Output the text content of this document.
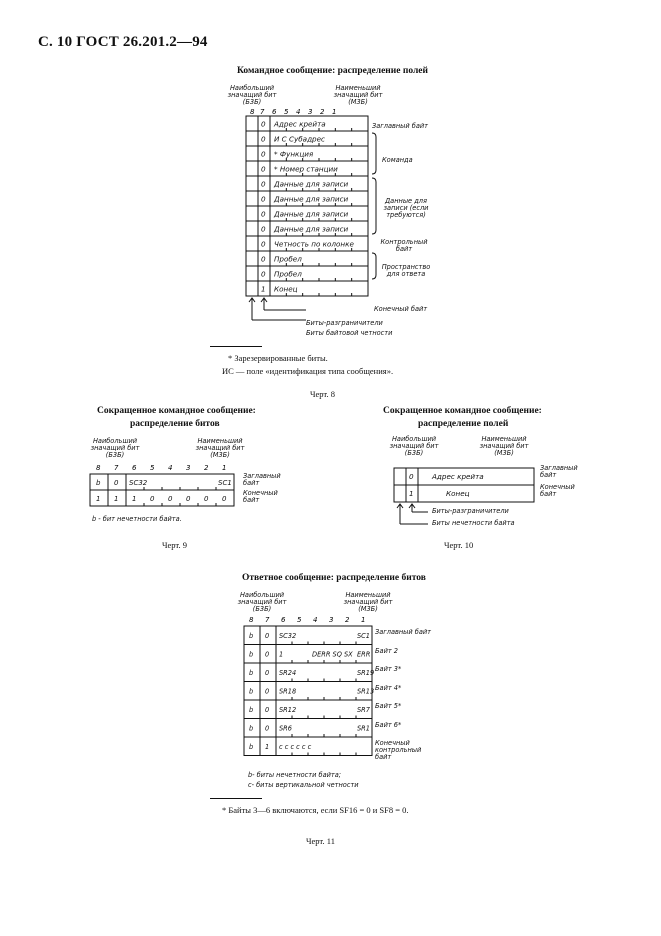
С. 10 ГОСТ 26.201.2—94
Командное сообщение: распределение полей
Наибольший значащий бит (Б3Б)
Наименьший значащий бит (М3Б)
8 7 6 5 4 3 2 1
0 Адрес крейта
0 И С Субадрес
0 * Функция
0 * Номер станции
0 Данные для записи
0 Данные для записи
0 Данные для записи
0 Данные для записи
0 Четность по колонке
0 Пробел
0 Пробел
1 Конец
Заглавный байт
Команда
Данные для записи (если требуются)
Контрольный байт
Пространство для ответа
Конечный байт
Биты-разграничители
Биты байтовой четности
* Зарезервированные биты.
ИС — поле «идентификация типа сообщения».
Черт. 8
Сокращенное командное сообщение:
распределение битов
Наибольший значащий бит (Б3Б)
Наименьший значащий бит (М3Б)
8 7 6 5 4 3 2 1
b 0 SC32	SC1
1 1 1 0 0 0 0 0
Заглавный байт
Конечный байт
b - бит нечетности байта.
Черт. 9
Сокращенное командное сообщение:
распределение полей
Наибольший значащий бит (Б3Б)
Наименьший значащий бит (М3Б)
0	Адрес крейта
1	Конец
Заглавный байт
Конечный байт
Биты-разграничители
Биты нечетности байта
Черт. 10
Ответное сообщение: распределение битов
Наибольший значащий бит (Б3Б)
Наименьший значащий бит (М3Б)
8 7 6 5 4 3 2 1
b 0 SC32	SC1
b 0 1	DERR SQ SX ERR
b 0 SR24	SR19
b 0 SR18	SR13
b 0 SR12	SR7
b 0 SR6	SR1
b 1 c c c c c c
Заглавный байт
Байт 2
Байт 3*
Байт 4*
Байт 5*
Байт 6*
Конечный контрольный байт
b- биты нечетности байта;
c- биты вертикальной четности
* Байты 3—6 включаются, если SF16 = 0 и SF8 = 0.
Черт. 11
